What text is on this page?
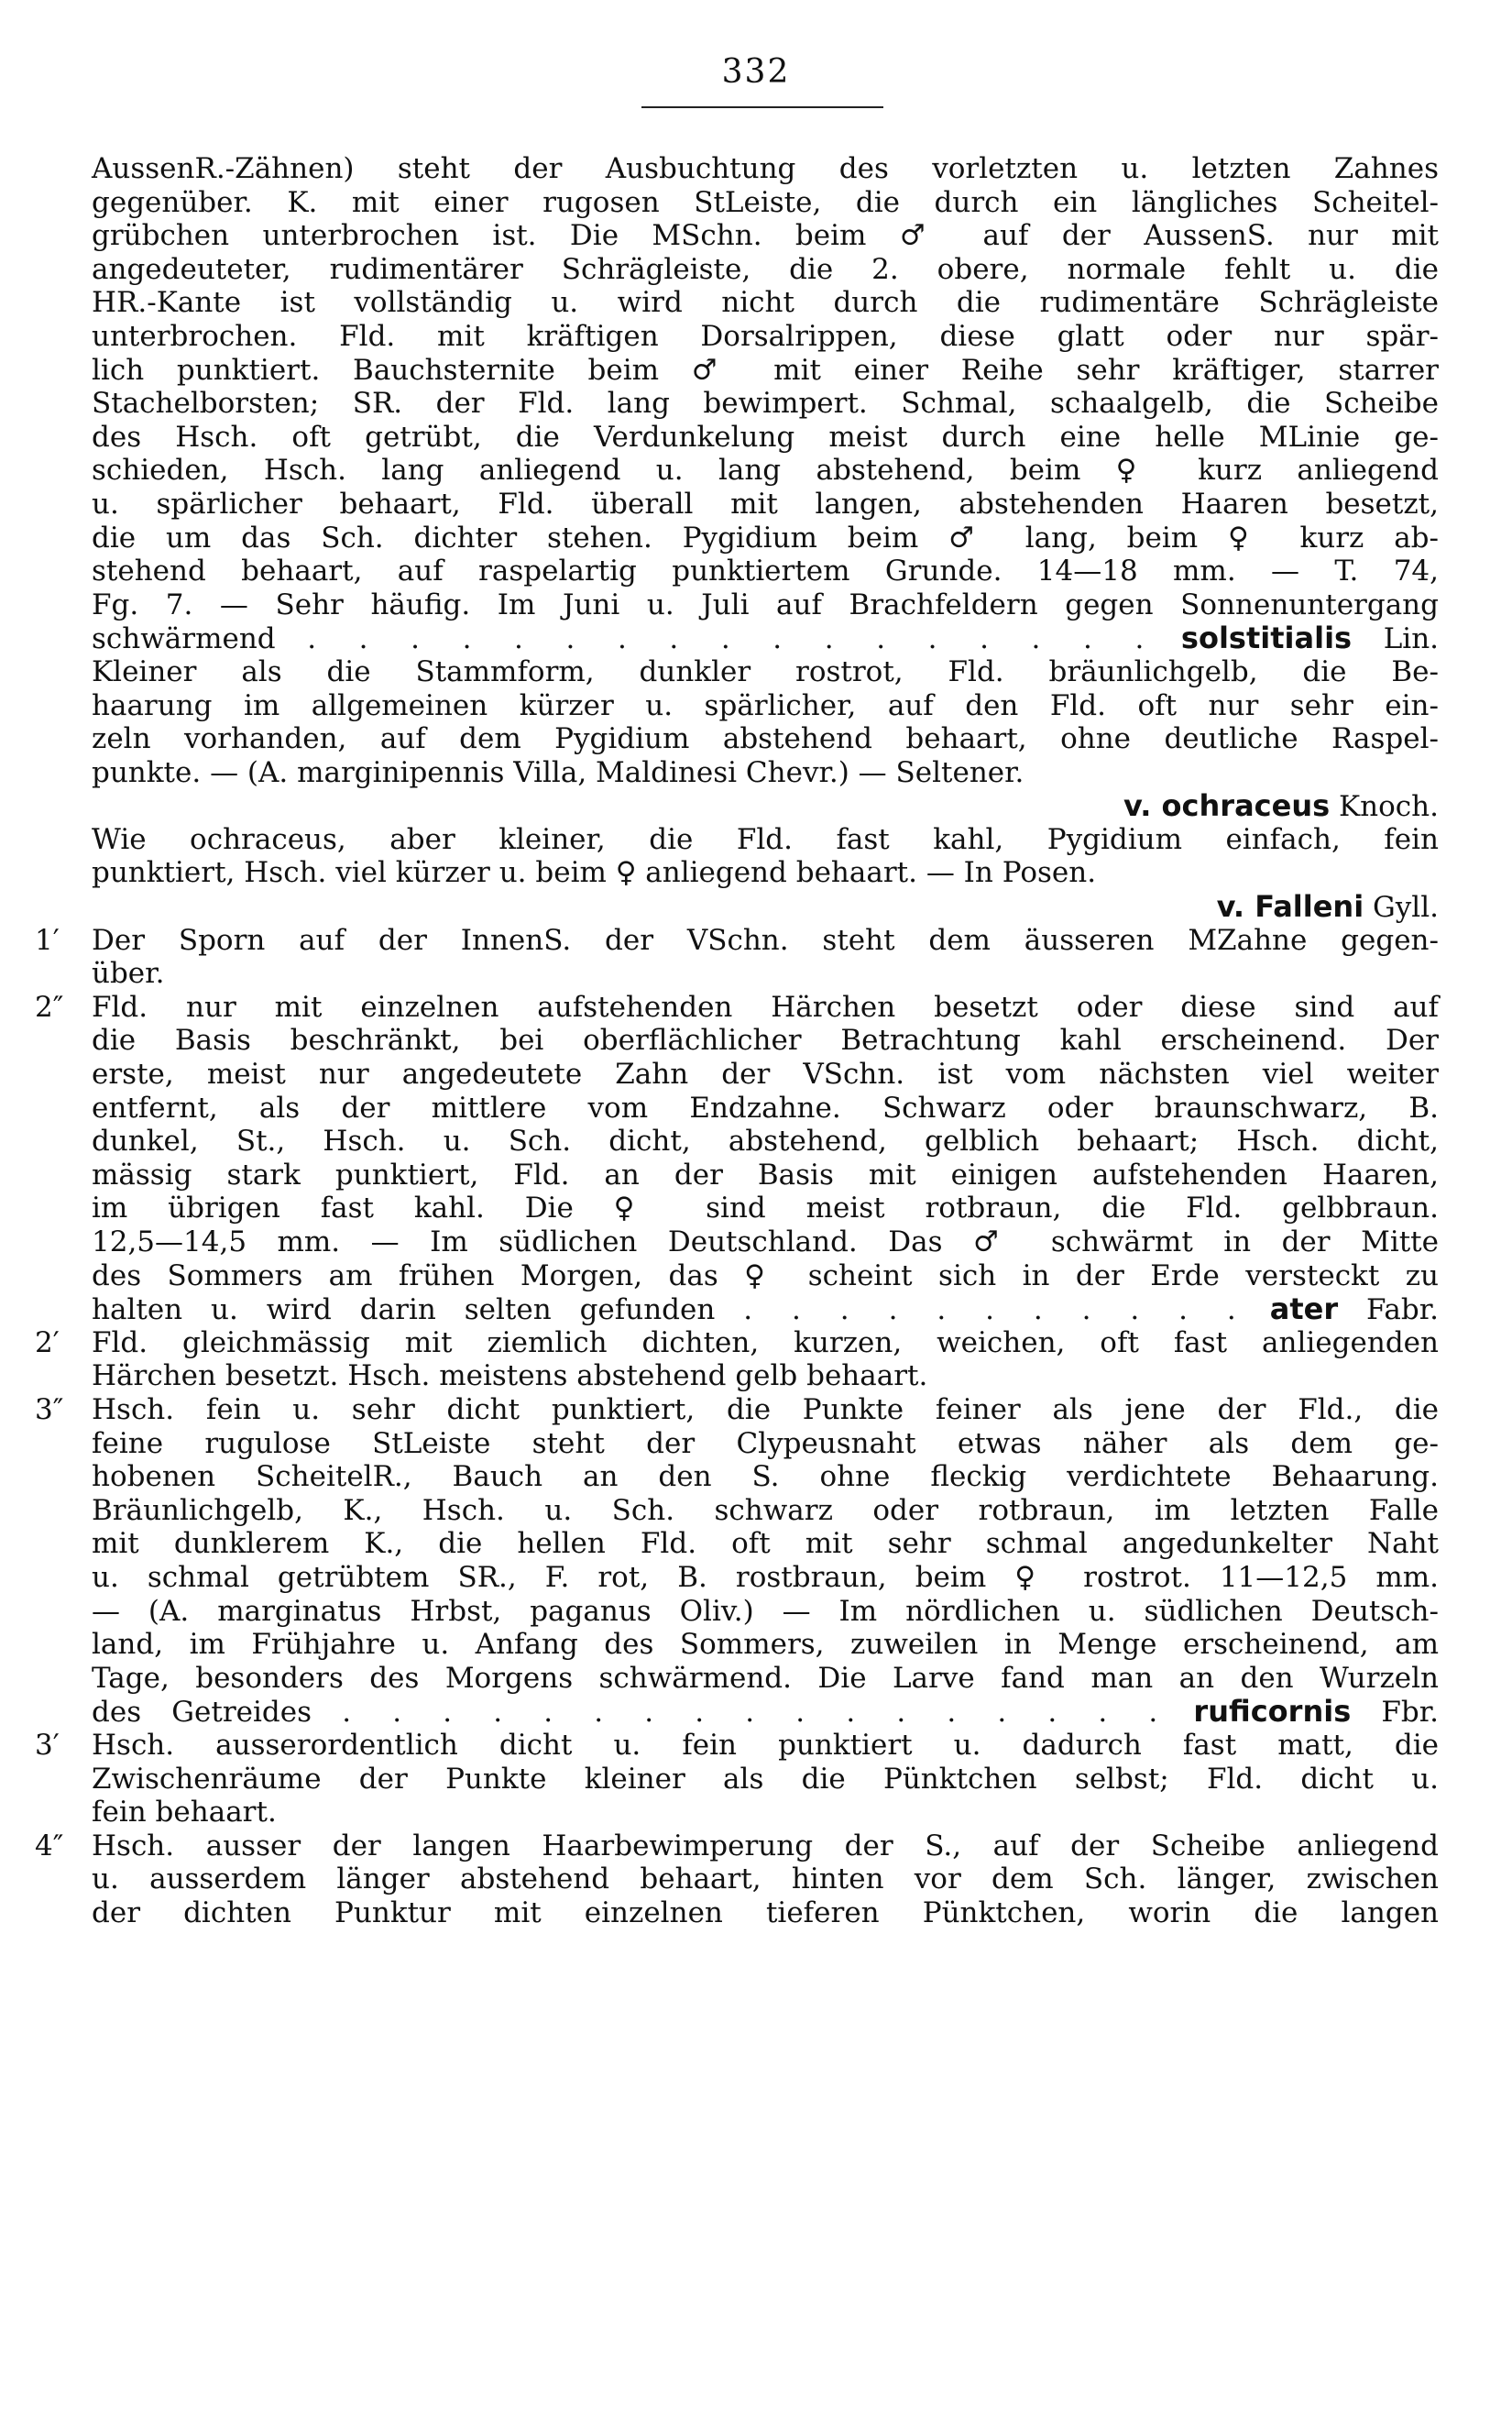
332
AussenR.-Zähnen) steht der Ausbuchtung des vorletzten u. letzten Zahnes
gegenüber. K. mit einer rugosen StLeiste, die durch ein längliches Scheitel-
grübchen unterbrochen ist. Die MSchn. beim ♂ auf der AussenS. nur mit
angedeuteter, rudimentärer Schrägleiste, die 2. obere, normale fehlt u. die
HR.-Kante ist vollständig u. wird nicht durch die rudimentäre Schrägleiste
unterbrochen. Fld. mit kräftigen Dorsalrippen, diese glatt oder nur spär-
lich punktiert. Bauchsternite beim ♂ mit einer Reihe sehr kräftiger, starrer
Stachelborsten; SR. der Fld. lang bewimpert. Schmal, schaalgelb, die Scheibe
des Hsch. oft getrübt, die Verdunkelung meist durch eine helle MLinie ge-
schieden, Hsch. lang anliegend u. lang abstehend, beim ♀ kurz anliegend
u. spärlicher behaart, Fld. überall mit langen, abstehenden Haaren besetzt,
die um das Sch. dichter stehen. Pygidium beim ♂ lang, beim ♀ kurz ab-
stehend behaart, auf raspelartig punktiertem Grunde. 14—18 mm. — T. 74,
Fg. 7. — Sehr häufig. Im Juni u. Juli auf Brachfeldern gegen Sonnenuntergang
schwärmend . . . . . . . . . . . . . . . . . solstitialis Lin.
Kleiner als die Stammform, dunkler rostrot, Fld. bräunlichgelb, die Be-
haarung im allgemeinen kürzer u. spärlicher, auf den Fld. oft nur sehr ein-
zeln vorhanden, auf dem Pygidium abstehend behaart, ohne deutliche Raspel-
punkte. — (A. marginipennis Villa, Maldinesi Chevr.) — Seltener.
v. ochraceus Knoch.
Wie ochraceus, aber kleiner, die Fld. fast kahl, Pygidium einfach, fein
punktiert, Hsch. viel kürzer u. beim ♀ anliegend behaart. — In Posen.
v. Falleni Gyll.
1′	Der Sporn auf der InnenS. der VSchn. steht dem äusseren MZahne gegen-
über.
2″ Fld. nur mit einzelnen aufstehenden Härchen besetzt oder diese sind auf
die Basis beschränkt, bei oberflächlicher Betrachtung kahl erscheinend. Der
erste, meist nur angedeutete Zahn der VSchn. ist vom nächsten viel weiter
entfernt, als der mittlere vom Endzahne. Schwarz oder braunschwarz, B.
dunkel, St., Hsch. u. Sch. dicht, abstehend, gelblich behaart; Hsch. dicht,
mässig stark punktiert, Fld. an der Basis mit einigen aufstehenden Haaren,
im übrigen fast kahl. Die ♀ sind meist rotbraun, die Fld. gelbbraun.
12,5—14,5 mm. — Im südlichen Deutschland. Das ♂ schwärmt in der Mitte
des Sommers am frühen Morgen, das ♀ scheint sich in der Erde versteckt zu
halten u. wird darin selten gefunden . . . . . . . . . . . ater Fabr.
2′	Fld. gleichmässig mit ziemlich dichten, kurzen, weichen, oft fast anliegenden
Härchen besetzt. Hsch. meistens abstehend gelb behaart.
3″ Hsch. fein u. sehr dicht punktiert, die Punkte feiner als jene der Fld., die
feine rugulose StLeiste steht der Clypeusnaht etwas näher als dem ge-
hobenen ScheitelR., Bauch an den S. ohne fleckig verdichtete Behaarung.
Bräunlichgelb, K., Hsch. u. Sch. schwarz oder rotbraun, im letzten Falle
mit dunklerem K., die hellen Fld. oft mit sehr schmal angedunkelter Naht
u. schmal getrübtem SR., F. rot, B. rostbraun, beim ♀ rostrot. 11—12,5 mm.
— (A. marginatus Hrbst, paganus Oliv.) — Im nördlichen u. südlichen Deutsch-
land, im Frühjahre u. Anfang des Sommers, zuweilen in Menge erscheinend, am
Tage, besonders des Morgens schwärmend. Die Larve fand man an den Wurzeln
des Getreides . . . . . . . . . . . . . . . . . ruficornis Fbr.
3′	Hsch. ausserordentlich dicht u. fein punktiert u. dadurch fast matt, die
Zwischenräume der Punkte kleiner als die Pünktchen selbst; Fld. dicht u.
fein behaart.
4″ Hsch. ausser der langen Haarbewimperung der S., auf der Scheibe anliegend
u. ausserdem länger abstehend behaart, hinten vor dem Sch. länger, zwischen
der dichten Punktur mit einzelnen tieferen Pünktchen, worin die langen
